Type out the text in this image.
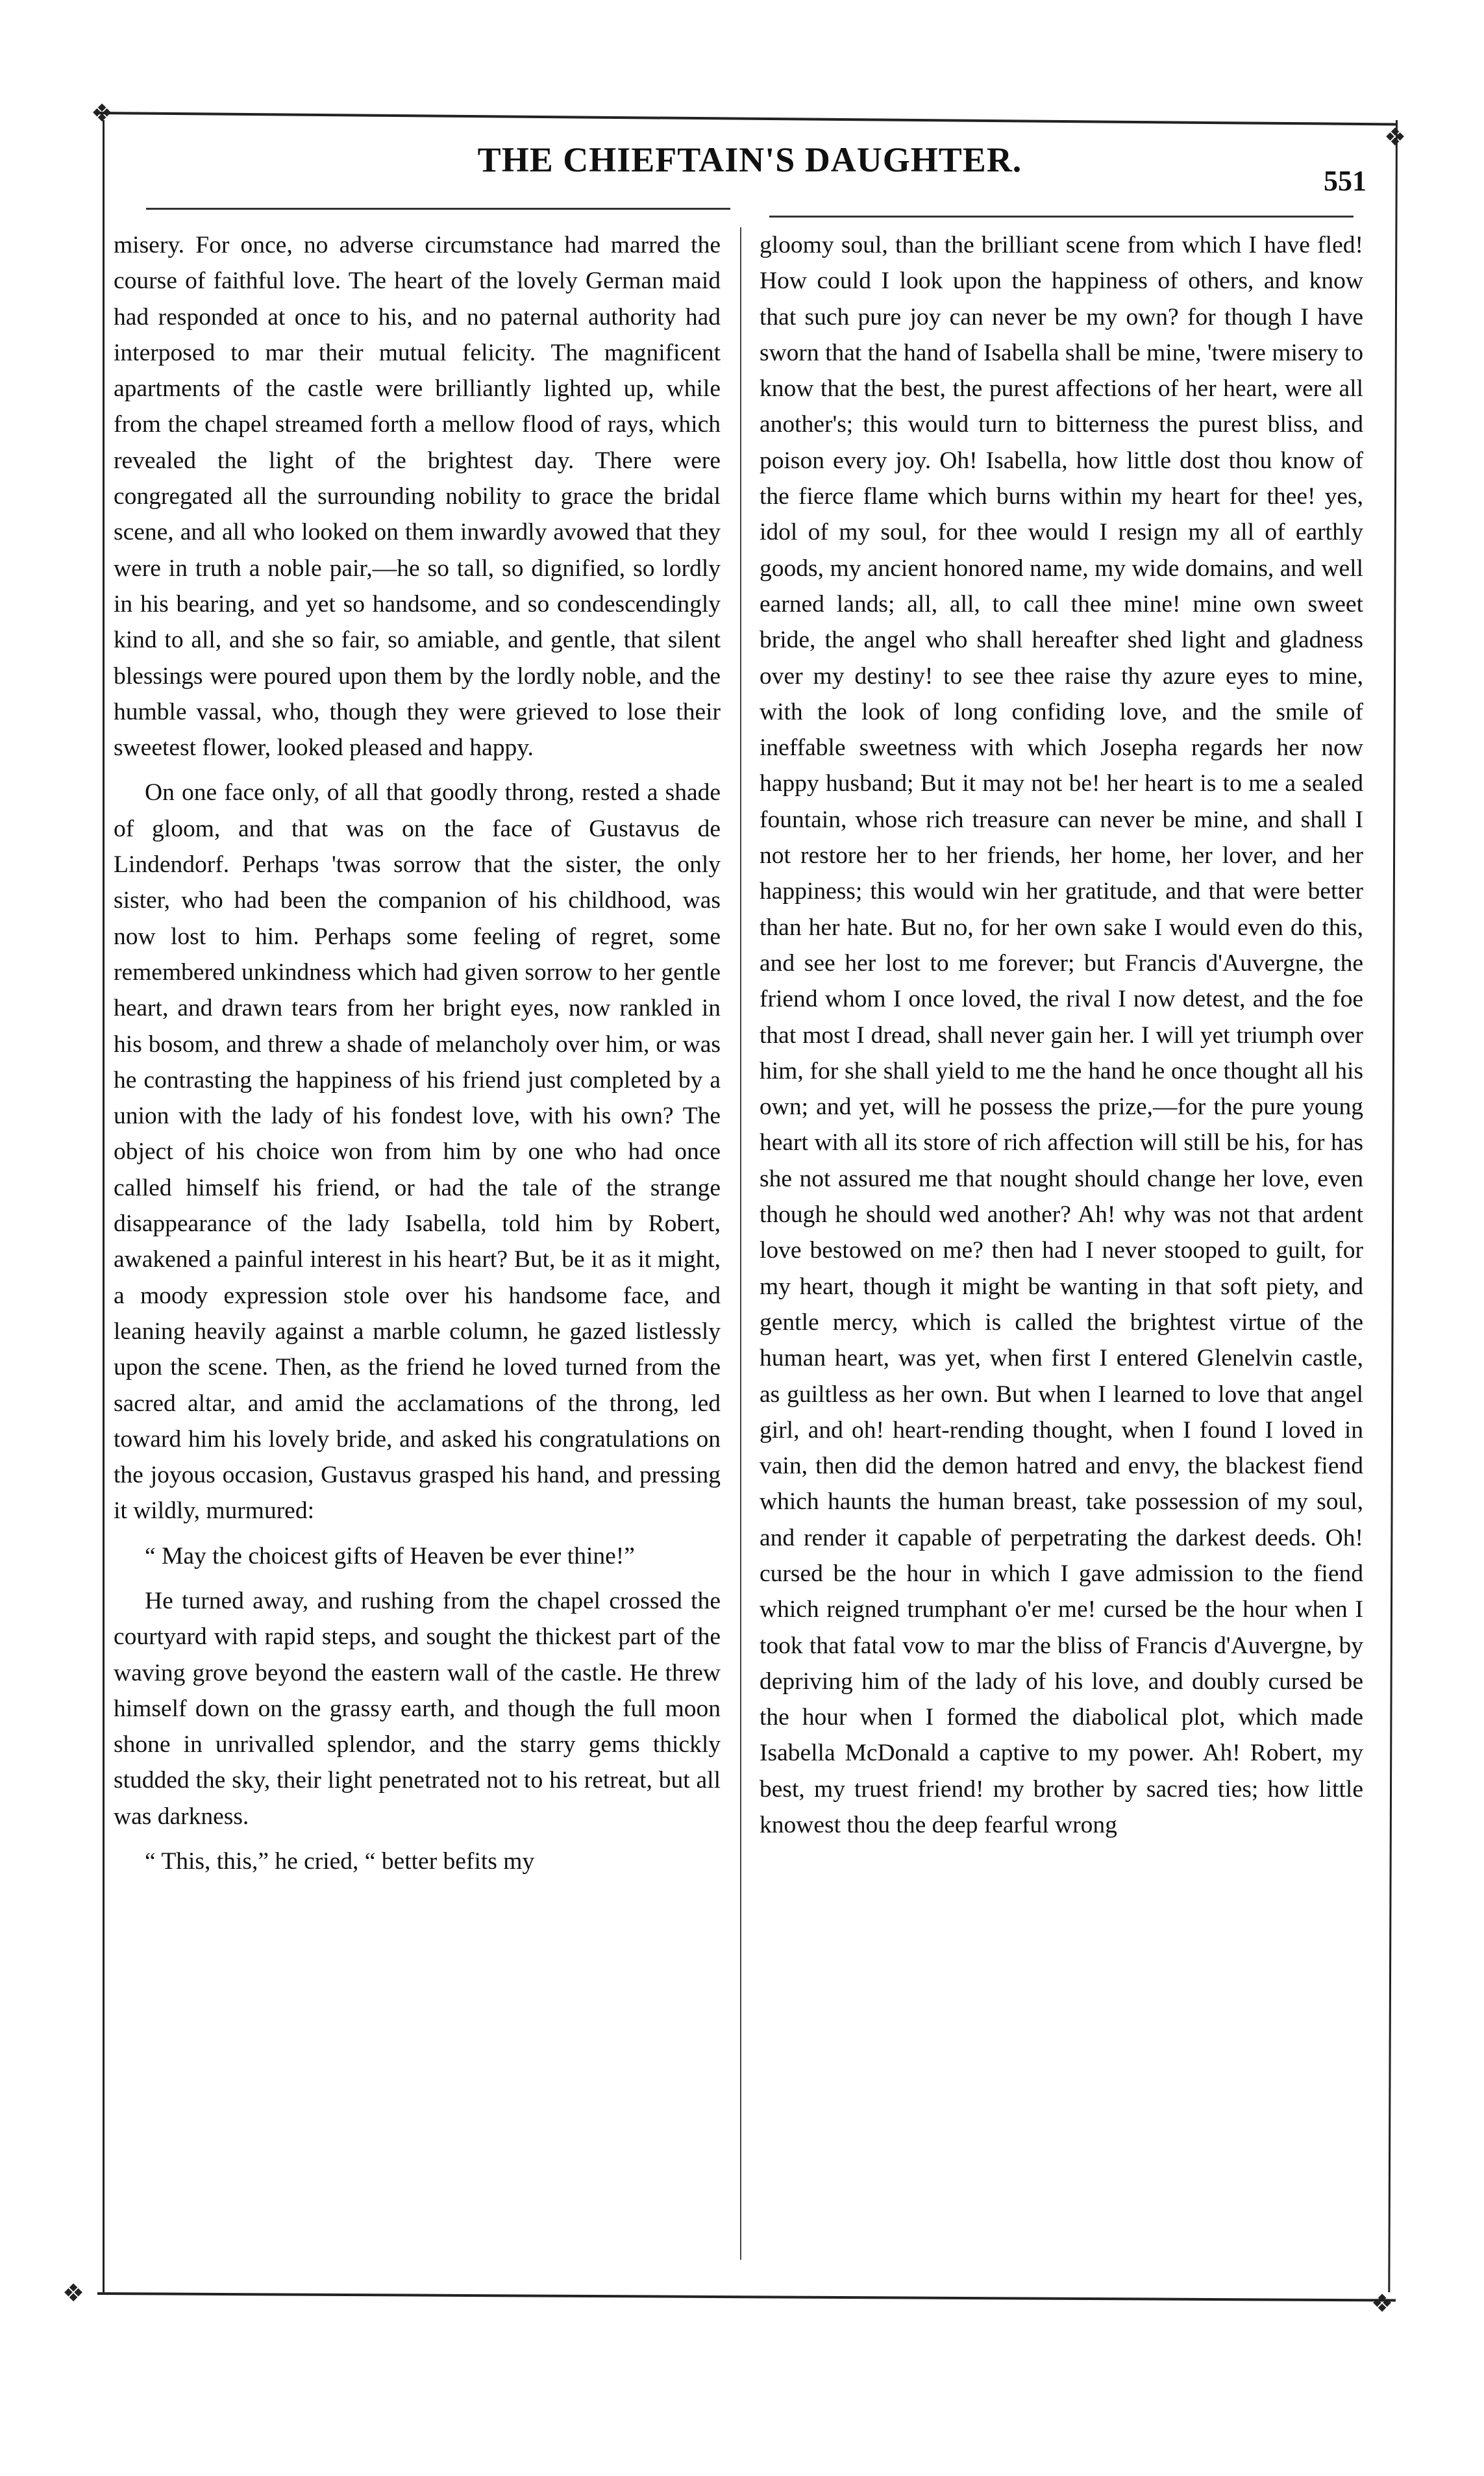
❖
❖
❖	❖
THE CHIEFTAIN'S DAUGHTER.
551

misery. For once, no adverse circumstance had marred the course of faithful love. The heart of the lovely German maid had responded at once to his, and no paternal authority had interposed to mar their mutual felicity. The magnificent apartments of the castle were brilliantly lighted up, while from the chapel streamed forth a mellow flood of rays, which revealed the light of the brightest day. There were congregated all the surrounding nobility to grace the bridal scene, and all who looked on them inwardly avowed that they were in truth a noble pair,—he so tall, so dignified, so lordly in his bearing, and yet so handsome, and so condescendingly kind to all, and she so fair, so amiable, and gentle, that silent blessings were poured upon them by the lordly noble, and the humble vassal, who, though they were grieved to lose their sweetest flower, looked pleased and happy.

On one face only, of all that goodly throng, rested a shade of gloom, and that was on the face of Gustavus de Lindendorf. Perhaps 'twas sorrow that the sister, the only sister, who had been the companion of his childhood, was now lost to him. Perhaps some feeling of regret, some remembered unkindness which had given sorrow to her gentle heart, and drawn tears from her bright eyes, now rankled in his bosom, and threw a shade of melancholy over him, or was he contrasting the happiness of his friend just completed by a union with the lady of his fondest love, with his own? The object of his choice won from him by one who had once called himself his friend, or had the tale of the strange disappearance of the lady Isabella, told him by Robert, awakened a painful interest in his heart? But, be it as it might, a moody expression stole over his handsome face, and leaning heavily against a marble column, he gazed listlessly upon the scene. Then, as the friend he loved turned from the sacred altar, and amid the acclamations of the throng, led toward him his lovely bride, and asked his congratulations on the joyous occasion, Gustavus grasped his hand, and pressing it wildly, murmured:

“ May the choicest gifts of Heaven be ever thine!”

He turned away, and rushing from the chapel crossed the courtyard with rapid steps, and sought the thickest part of the waving grove beyond the eastern wall of the castle. He threw himself down on the grassy earth, and though the full moon shone in unrivalled splendor, and the starry gems thickly studded the sky, their light penetrated not to his retreat, but all was darkness.

“ This, this,” he cried, “ better befits my

gloomy soul, than the brilliant scene from which I have fled! How could I look upon the happiness of others, and know that such pure joy can never be my own? for though I have sworn that the hand of Isabella shall be mine, 'twere misery to know that the best, the purest affections of her heart, were all another's; this would turn to bitterness the purest bliss, and poison every joy. Oh! Isabella, how little dost thou know of the fierce flame which burns within my heart for thee! yes, idol of my soul, for thee would I resign my all of earthly goods, my ancient honored name, my wide domains, and well earned lands; all, all, to call thee mine! mine own sweet bride, the angel who shall hereafter shed light and gladness over my destiny! to see thee raise thy azure eyes to mine, with the look of long confiding love, and the smile of ineffable sweetness with which Josepha regards her now happy husband; But it may not be! her heart is to me a sealed fountain, whose rich treasure can never be mine, and shall I not restore her to her friends, her home, her lover, and her happiness; this would win her gratitude, and that were better than her hate. But no, for her own sake I would even do this, and see her lost to me forever; but Francis d'Auvergne, the friend whom I once loved, the rival I now detest, and the foe that most I dread, shall never gain her. I will yet triumph over him, for she shall yield to me the hand he once thought all his own; and yet, will he possess the prize,—for the pure young heart with all its store of rich affection will still be his, for has she not assured me that nought should change her love, even though he should wed another? Ah! why was not that ardent love bestowed on me? then had I never stooped to guilt, for my heart, though it might be wanting in that soft piety, and gentle mercy, which is called the brightest virtue of the human heart, was yet, when first I entered Glenelvin castle, as guiltless as her own. But when I learned to love that angel girl, and oh! heart-rending thought, when I found I loved in vain, then did the demon hatred and envy, the blackest fiend which haunts the human breast, take possession of my soul, and render it capable of perpetrating the darkest deeds. Oh! cursed be the hour in which I gave admission to the fiend which reigned trumphant o'er me! cursed be the hour when I took that fatal vow to mar the bliss of Francis d'Auvergne, by depriving him of the lady of his love, and doubly cursed be the hour when I formed the diabolical plot, which made Isabella McDonald a captive to my power. Ah! Robert, my best, my truest friend! my brother by sacred ties; how little knowest thou the deep fearful wrong
